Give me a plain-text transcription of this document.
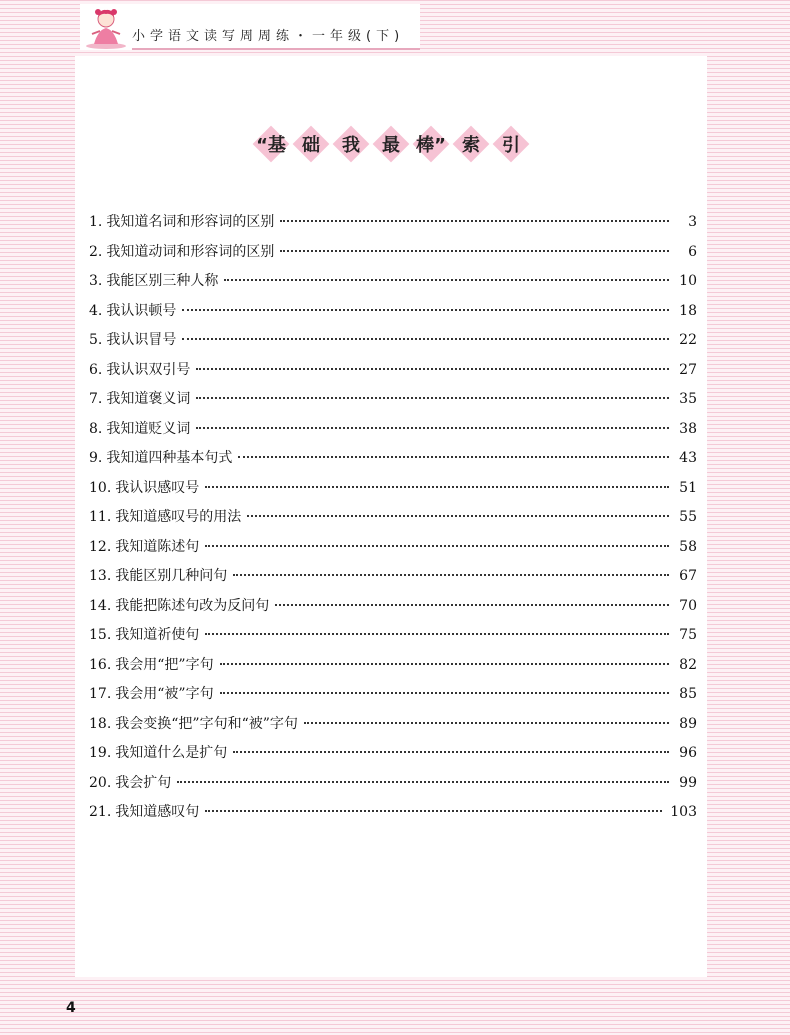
小学语文读写周周练・一年级(下)
“基 础 我 最 棒” 索 引
1. 我知道名词和形容词的区别	3
2. 我知道动词和形容词的区别	6
3. 我能区别三种人称	10
4. 我认识顿号	18
5. 我认识冒号	22
6. 我认识双引号	27
7. 我知道褒义词	35
8. 我知道贬义词	38
9. 我知道四种基本句式	43
10. 我认识感叹号	51
11. 我知道感叹号的用法	55
12. 我知道陈述句	58
13. 我能区别几种问句	67
14. 我能把陈述句改为反问句	70
15. 我知道祈使句	75
16. 我会用“把”字句	82
17. 我会用“被”字句	85
18. 我会变换“把”字句和“被”字句	89
19. 我知道什么是扩句	96
20. 我会扩句	99
21. 我知道感叹句	103
4
